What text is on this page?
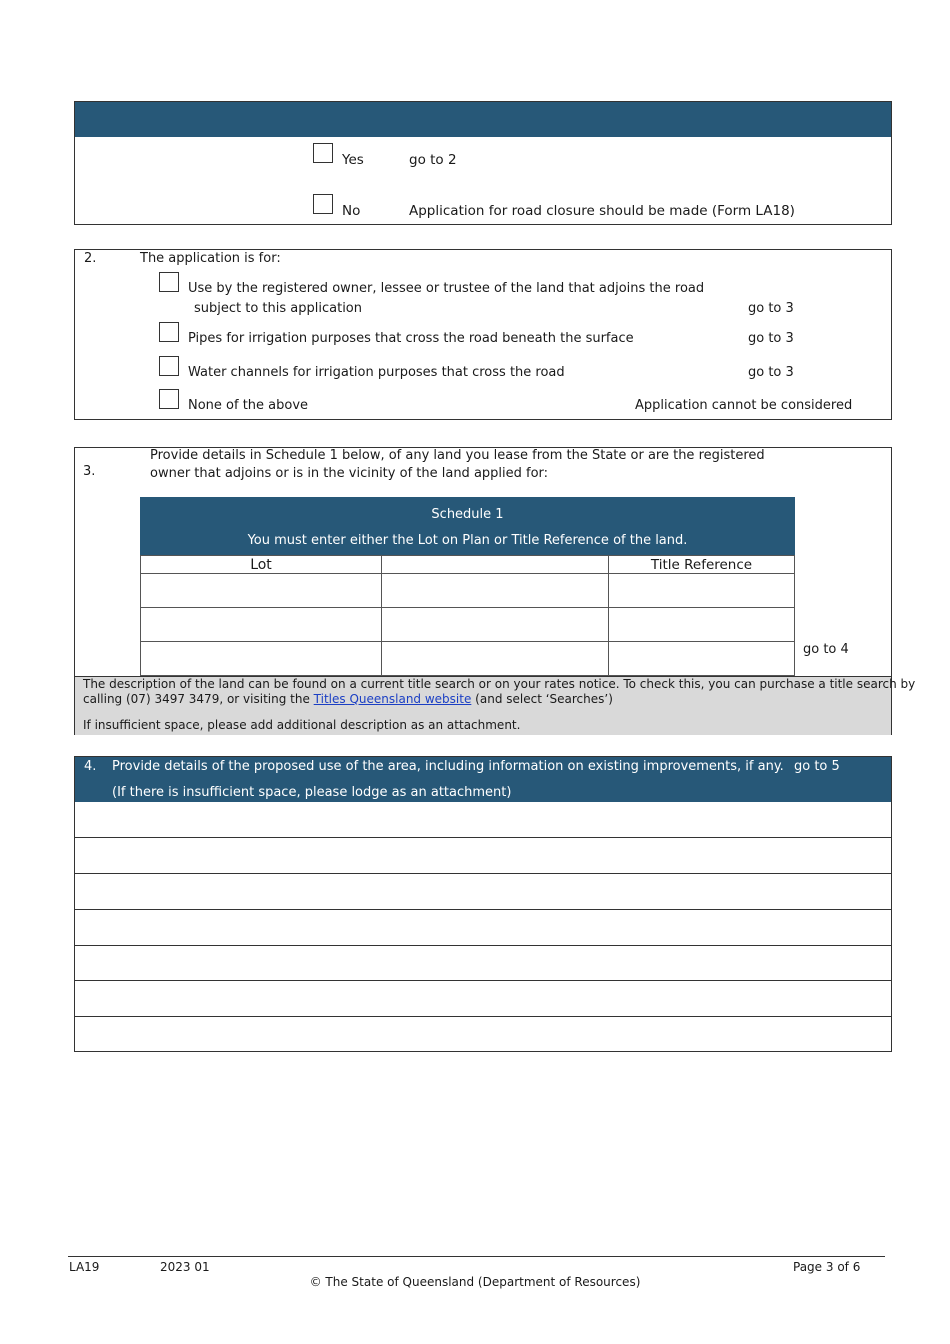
Yes	go to 2
No	Application for road closure should be made (Form LA18)
2.	The application is for:
Use by the registered owner, lessee or trustee of the land that adjoins the road
subject to this application	go to 3
Pipes for irrigation purposes that cross the road beneath the surface	go to 3
Water channels for irrigation purposes that cross the road	go to 3
None of the above	Application cannot be considered
3.
Provide details in Schedule 1 below, of any land you lease from the State or are the registered
owner that adjoins or is in the vicinity of the land applied for:
Schedule 1
You must enter either the Lot on Plan or Title Reference of the land.
Lot		Title Reference

go to 4
The description of the land can be found on a current title search or on your rates notice. To check this, you can purchase a title search by
calling (07) 3497 3479, or visiting the Titles Queensland website (and select ‘Searches’)
If insufficient space, please add additional description as an attachment.
4. Provide details of the proposed use of the area, including information on existing improvements, if any. go to 5
(If there is insufficient space, please lodge as an attachment)
LA19	2023 01	Page 3 of 6
© The State of Queensland (Department of Resources)
